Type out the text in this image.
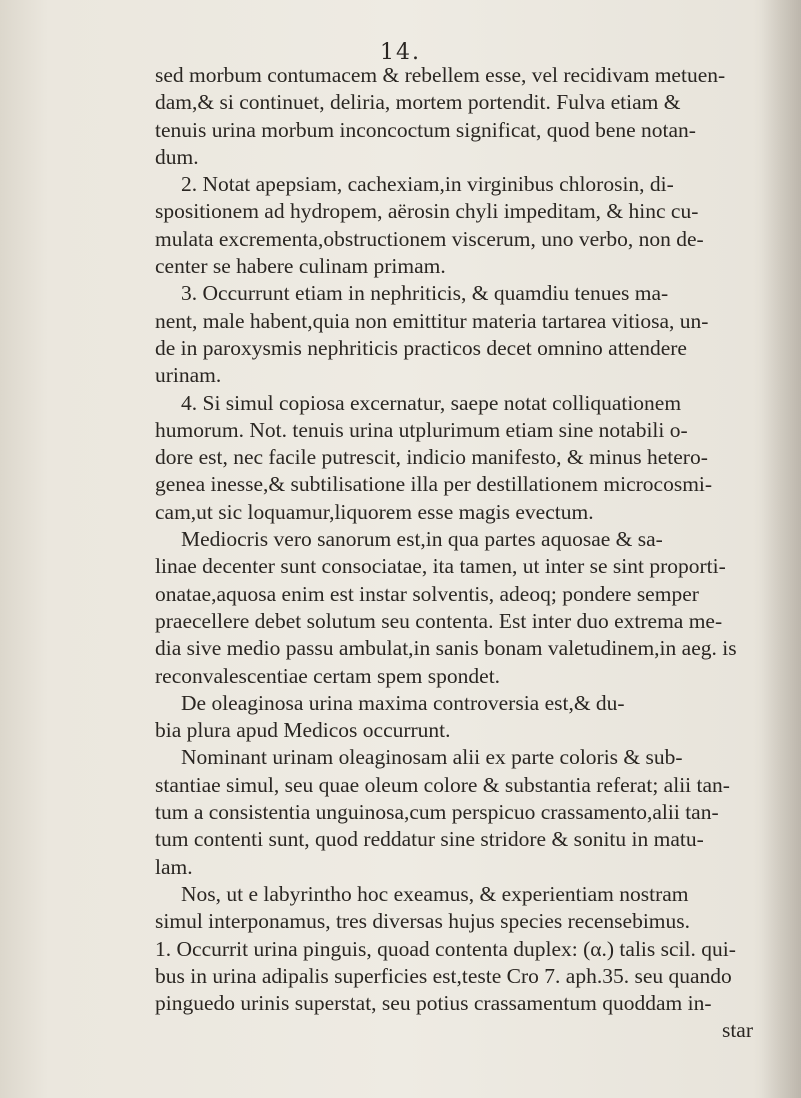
14.
sed morbum contumacem & rebellem esse, vel recidivam metuen-
dam,& si continuet, deliria, mortem portendit. Fulva etiam &
tenuis urina morbum inconcoctum significat, quod bene notan-
dum.
2. Notat apepsiam, cachexiam,in virginibus chlorosin, di-
spositionem ad hydropem, aërosin chyli impeditam, & hinc cu-
mulata excrementa,obstructionem viscerum, uno verbo, non de-
center se habere culinam primam.
3. Occurrunt etiam in nephriticis, & quamdiu tenues ma-
nent, male habent,quia non emittitur materia tartarea vitiosa, un-
de in paroxysmis nephriticis practicos decet omnino attendere
urinam.
4. Si simul copiosa excernatur, saepe notat colliquationem
humorum. Not. tenuis urina utplurimum etiam sine notabili o-
dore est, nec facile putrescit, indicio manifesto, & minus hetero-
genea inesse,& subtilisatione illa per destillationem microcosmi-
cam,ut sic loquamur,liquorem esse magis evectum.
Mediocris vero sanorum est,in qua partes aquosae & sa-
linae decenter sunt consociatae, ita tamen, ut inter se sint proporti-
onatae,aquosa enim est instar solventis, adeoq; pondere semper
praecellere debet solutum seu contenta. Est inter duo extrema me-
dia sive medio passu ambulat,in sanis bonam valetudinem,in aeg. is
reconvalescentiae certam spem spondet.
De oleaginosa urina maxima controversia est,& du-
bia plura apud Medicos occurrunt.
Nominant urinam oleaginosam alii ex parte coloris & sub-
stantiae simul, seu quae oleum colore & substantia referat; alii tan-
tum a consistentia unguinosa,cum perspicuo crassamento,alii tan-
tum contenti sunt, quod reddatur sine stridore & sonitu in matu-
lam.
Nos, ut e labyrintho hoc exeamus, & experientiam nostram
simul interponamus, tres diversas hujus species recensebimus.
1. Occurrit urina pinguis, quoad contenta duplex: (α.) talis scil. qui-
bus in urina adipalis superficies est,teste Cro 7. aph.35. seu quando
pinguedo urinis superstat, seu potius crassamentum quoddam in-
star
